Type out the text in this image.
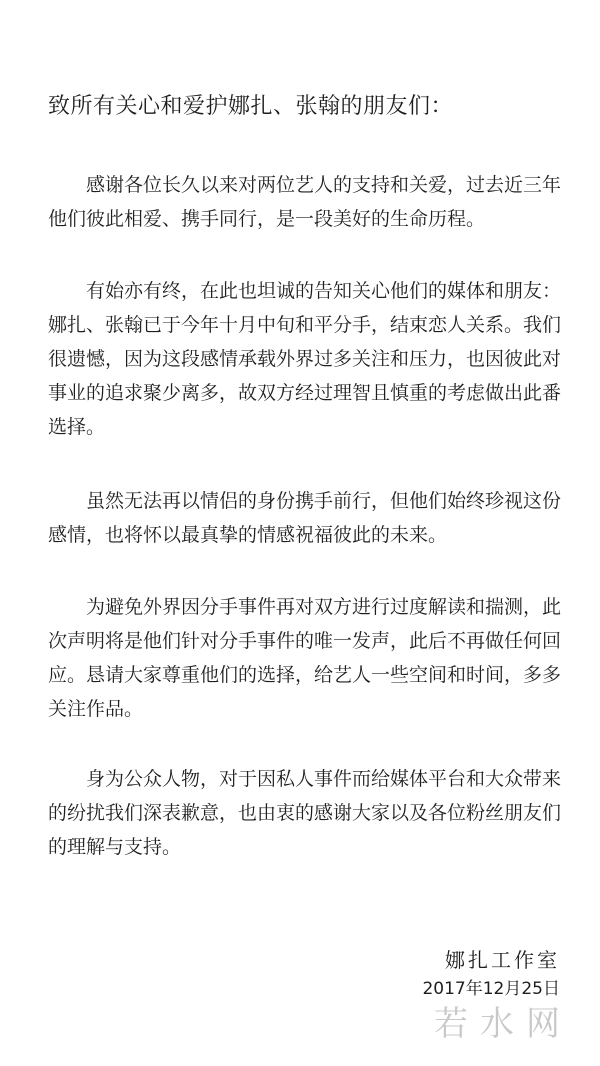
致所有关心和爱护娜扎、张翰的朋友们：
　　感谢各位长久以来对两位艺人的支持和关爱，过去近三年
他们彼此相爱、携手同行，是一段美好的生命历程。
　　有始亦有终，在此也坦诚的告知关心他们的媒体和朋友：
娜扎、张翰已于今年十月中旬和平分手，结束恋人关系。我们
很遗憾，因为这段感情承载外界过多关注和压力，也因彼此对
事业的追求聚少离多，故双方经过理智且慎重的考虑做出此番
选择。
　　虽然无法再以情侣的身份携手前行，但他们始终珍视这份
感情，也将怀以最真挚的情感祝福彼此的未来。
　　为避免外界因分手事件再对双方进行过度解读和揣测，此
次声明将是他们针对分手事件的唯一发声，此后不再做任何回
应。恳请大家尊重他们的选择，给艺人一些空间和时间，多多
关注作品。
　　身为公众人物，对于因私人事件而给媒体平台和大众带来
的纷扰我们深表歉意，也由衷的感谢大家以及各位粉丝朋友们
的理解与支持。
娜扎工作室
2017年12月25日
若水网
